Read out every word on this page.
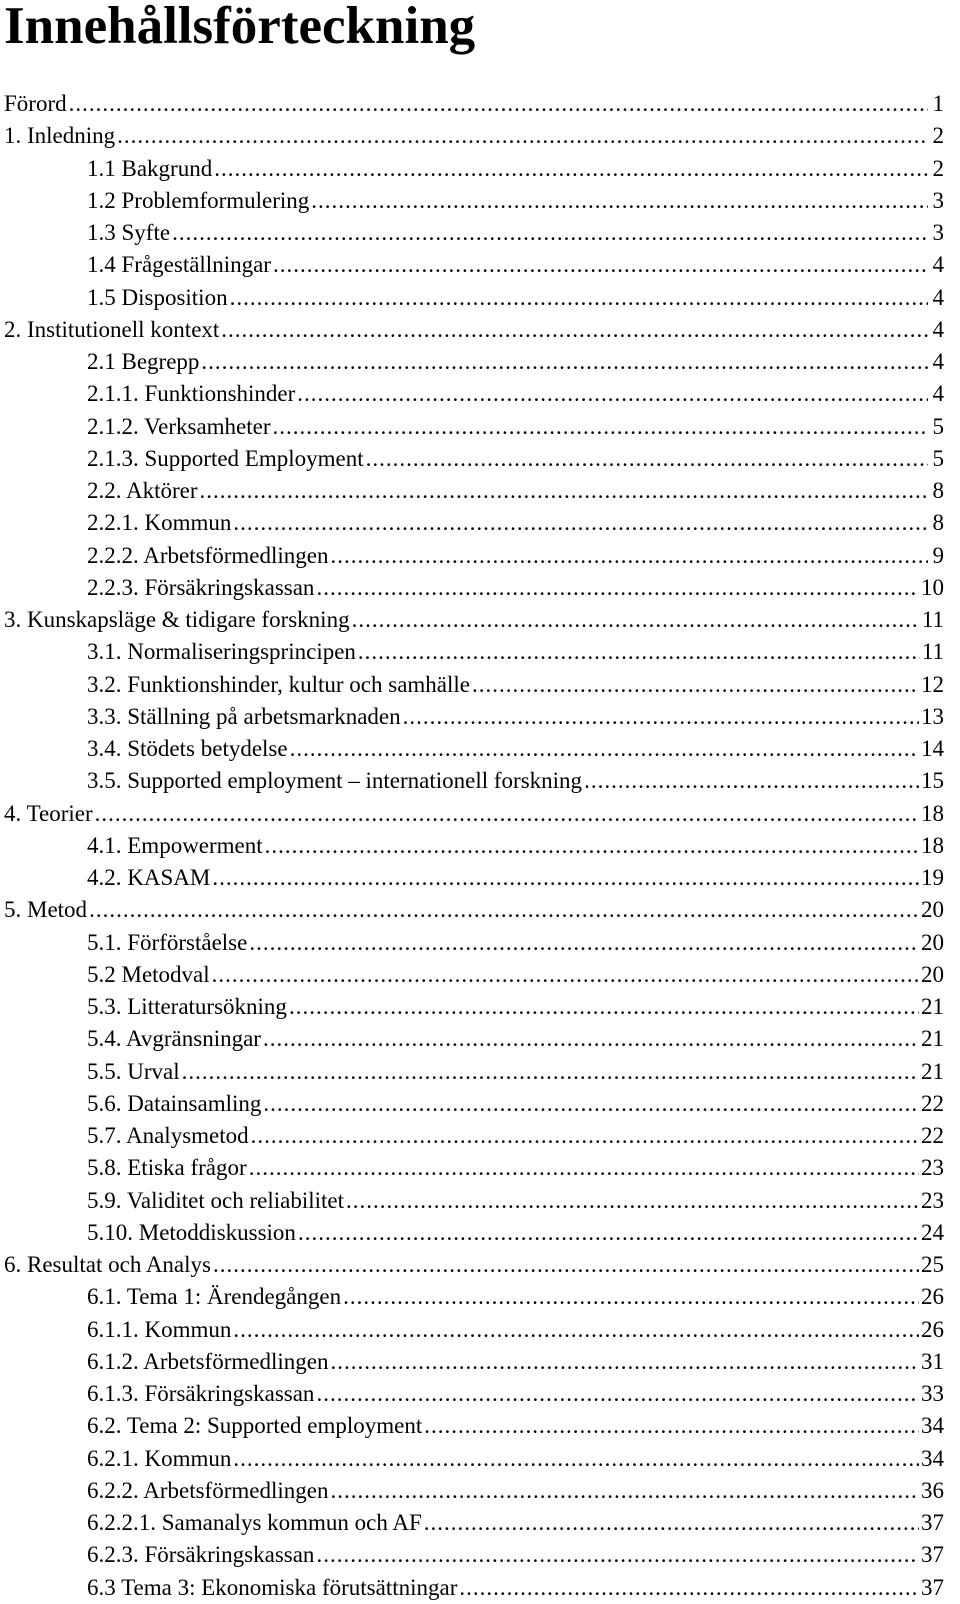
Innehållsförteckning
Förord .....	1
1. Inledning .....	2
1.1 Bakgrund .....	2
1.2 Problemformulering .....	3
1.3 Syfte .....	3
1.4 Frågeställningar .....	4
1.5 Disposition .....	4
2. Institutionell kontext .....	4
2.1 Begrepp .....	4
2.1.1. Funktionshinder .....	4
2.1.2. Verksamheter .....	5
2.1.3. Supported Employment .....	5
2.2. Aktörer .....	8
2.2.1. Kommun .....	8
2.2.2. Arbetsförmedlingen .....	9
2.2.3. Försäkringskassan .....	10
3. Kunskapsläge & tidigare forskning .....	11
3.1. Normaliseringsprincipen .....	11
3.2. Funktionshinder, kultur och samhälle .....	12
3.3. Ställning på arbetsmarknaden .....	13
3.4. Stödets betydelse .....	14
3.5. Supported employment – internationell forskning .....	15
4. Teorier .....	18
4.1. Empowerment .....	18
4.2. KASAM .....	19
5. Metod .....	20
5.1. Förförståelse .....	20
5.2 Metodval .....	20
5.3. Litteratursökning .....	21
5.4. Avgränsningar .....	21
5.5. Urval .....	21
5.6. Datainsamling .....	22
5.7. Analysmetod .....	22
5.8. Etiska frågor .....	23
5.9. Validitet och reliabilitet .....	23
5.10. Metoddiskussion .....	24
6. Resultat och Analys .....	25
6.1. Tema 1: Ärendegången .....	26
6.1.1. Kommun .....	26
6.1.2. Arbetsförmedlingen .....	31
6.1.3. Försäkringskassan .....	33
6.2. Tema 2: Supported employment .....	34
6.2.1. Kommun .....	34
6.2.2. Arbetsförmedlingen .....	36
6.2.2.1. Samanalys kommun och AF .....	37
6.2.3. Försäkringskassan .....	37
6.3 Tema 3: Ekonomiska förutsättningar .....	37
